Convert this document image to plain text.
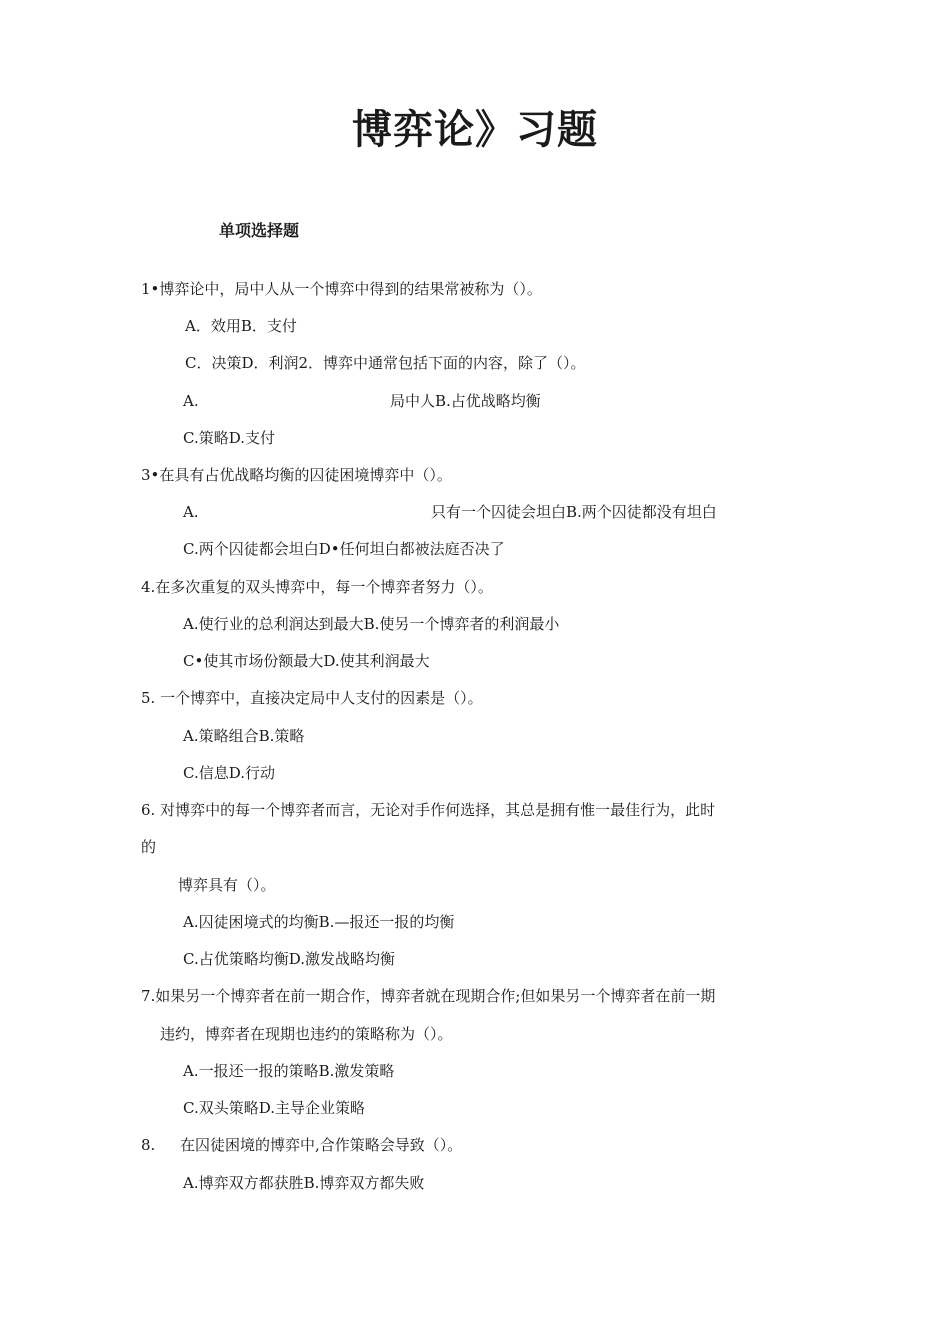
博弈论》习题
单项选择题
1•博弈论中，局中人从一个博弈中得到的结果常被称为（）。
A．效用B．支付
C．决策D．利润2．博弈中通常包括下面的内容，除了（）。
A.	局中人B.占优战略均衡
C.策略D.支付
3•在具有占优战略均衡的囚徒困境博弈中（）。
A.	只有一个囚徒会坦白B.两个囚徒都没有坦白
C.两个囚徒都会坦白D•任何坦白都被法庭否决了
4.在多次重复的双头博弈中，每一个博弈者努力（）。
A.使行业的总利润达到最大B.使另一个博弈者的利润最小
C•使其市场份额最大D.使其利润最大
5. 一个博弈中，直接决定局中人支付的因素是（）。
A.策略组合B.策略
C.信息D.行动
6. 对博弈中的每一个博弈者而言，无论对手作何选择，其总是拥有惟一最佳行为，此时
的
博弈具有（）。
A.囚徒困境式的均衡B.—报还一报的均衡
C.占优策略均衡D.激发战略均衡
7.如果另一个博弈者在前一期合作，博弈者就在现期合作;但如果另一个博弈者在前一期
违约，博弈者在现期也违约的策略称为（）。
A.一报还一报的策略B.激发策略
C.双头策略D.主导企业策略
8. 在囚徒困境的博弈中,合作策略会导致（）。
A.博弈双方都获胜B.博弈双方都失败
